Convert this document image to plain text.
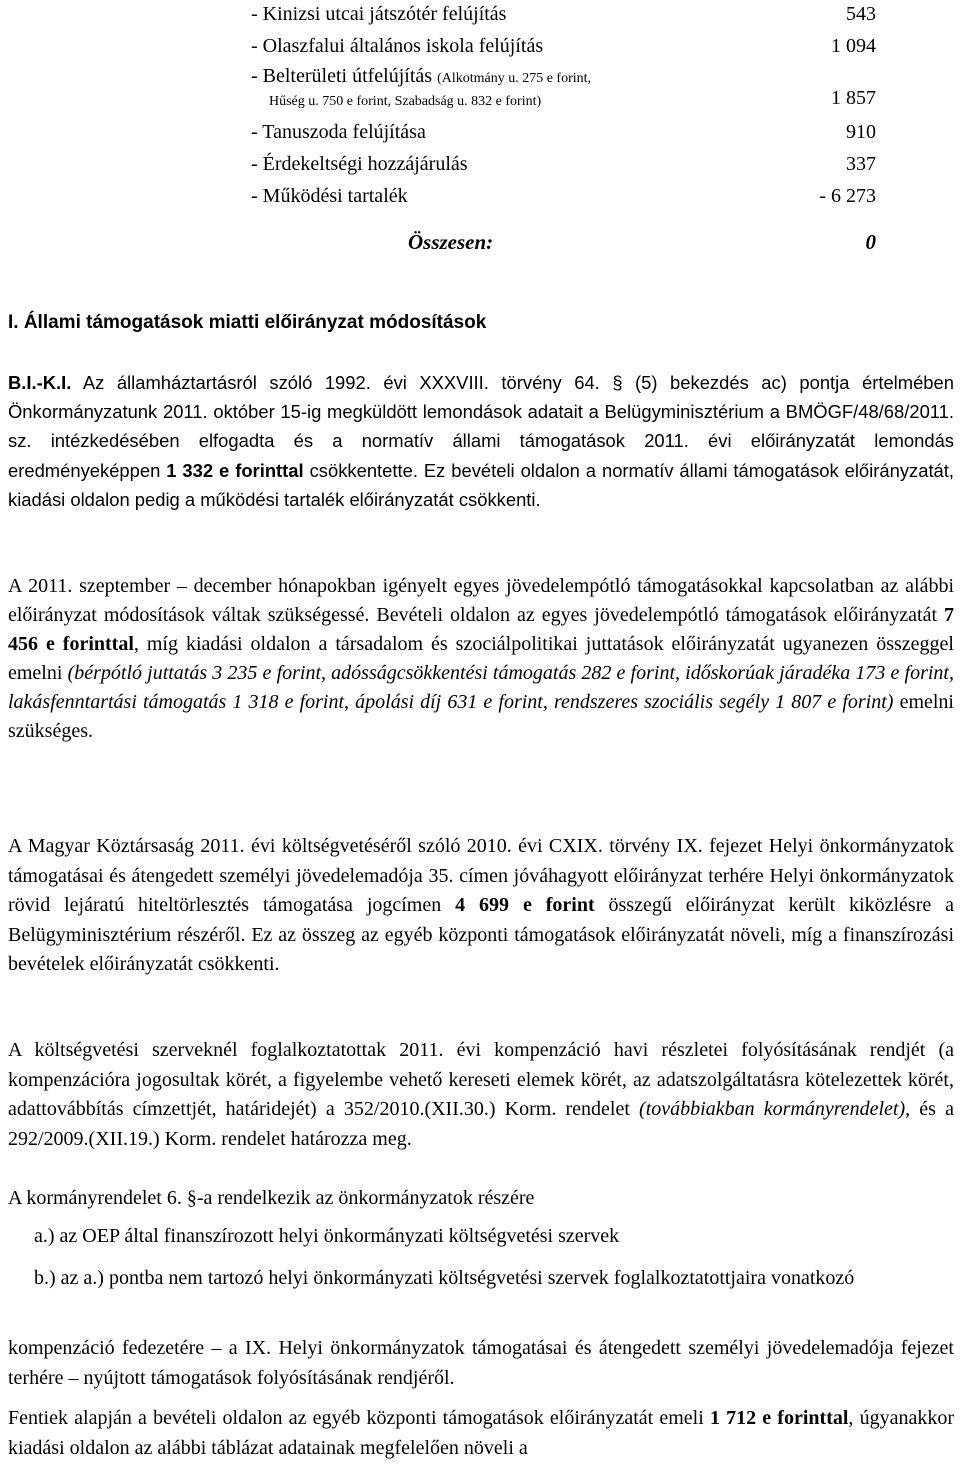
- Kinizsi utcai játszótér felújítás	543
- Olaszfalui általános iskola felújítás	1 094
- Belterületi útfelújítás (Alkotmány u. 275 e forint,
Hűség u. 750 e forint, Szabadság u. 832 e forint)	1 857
- Tanuszoda felújítása	910
- Érdekeltségi hozzájárulás	337
- Működési tartalék	- 6 273
Összesen:	0
I. Állami támogatások miatti előirányzat módosítások
B.I.-K.I. Az államháztartásról szóló 1992. évi XXXVIII. törvény 64. § (5) bekezdés ac) pontja értelmében Önkormányzatunk 2011. október 15-ig megküldött lemondások adatait a Belügyminisztérium a BMÖGF/48/68/2011. sz. intézkedésében elfogadta és a normatív állami támogatások 2011. évi előirányzatát lemondás eredményeképpen 1 332 e forinttal csökkentette. Ez bevételi oldalon a normatív állami támogatások előirányzatát, kiadási oldalon pedig a működési tartalék előirányzatát csökkenti.
A 2011. szeptember – december hónapokban igényelt egyes jövedelempótló támogatásokkal kapcsolatban az alábbi előirányzat módosítások váltak szükségessé. Bevételi oldalon az egyes jövedelempótló támogatások előirányzatát 7 456 e forinttal, míg kiadási oldalon a társadalom és szociálpolitikai juttatások előirányzatát ugyanezen összeggel emelni (bérpótló juttatás 3 235 e forint, adósságcsökkentési támogatás 282 e forint, időskorúak járadéka 173 e forint, lakásfenntartási támogatás 1 318 e forint, ápolási díj 631 e forint, rendszeres szociális segély 1 807 e forint) emelni szükséges.
A Magyar Köztársaság 2011. évi költségvetéséről szóló 2010. évi CXIX. törvény IX. fejezet Helyi önkormányzatok támogatásai és átengedett személyi jövedelemadója 35. címen jóváhagyott előirányzat terhére Helyi önkormányzatok rövid lejáratú hiteltörlesztés támogatása jogcímen 4 699 e forint összegű előirányzat került kiközlésre a Belügyminisztérium részéről. Ez az összeg az egyéb központi támogatások előirányzatát növeli, míg a finanszírozási bevételek előirányzatát csökkenti.
A költségvetési szerveknél foglalkoztatottak 2011. évi kompenzáció havi részletei folyósításának rendjét (a kompenzációra jogosultak körét, a figyelembe vehető kereseti elemek körét, az adatszolgáltatásra kötelezettek körét, adattovábbítás címzettjét, határidejét) a 352/2010.(XII.30.) Korm. rendelet (továbbiakban kormányrendelet), és a 292/2009.(XII.19.) Korm. rendelet határozza meg.
A kormányrendelet 6. §-a rendelkezik az önkormányzatok részére
a.) az OEP által finanszírozott helyi önkormányzati költségvetési szervek
b.) az a.) pontba nem tartozó helyi önkormányzati költségvetési szervek foglalkoztatottjaira vonatkozó
kompenzáció fedezetére – a IX. Helyi önkormányzatok támogatásai és átengedett személyi jövedelemadója fejezet terhére – nyújtott támogatások folyósításának rendjéről.
Fentiek alapján a bevételi oldalon az egyéb központi támogatások előirányzatát emeli 1 712 e forinttal, úgyanakkor kiadási oldalon az alábbi táblázat adatainak megfelelően növeli a
